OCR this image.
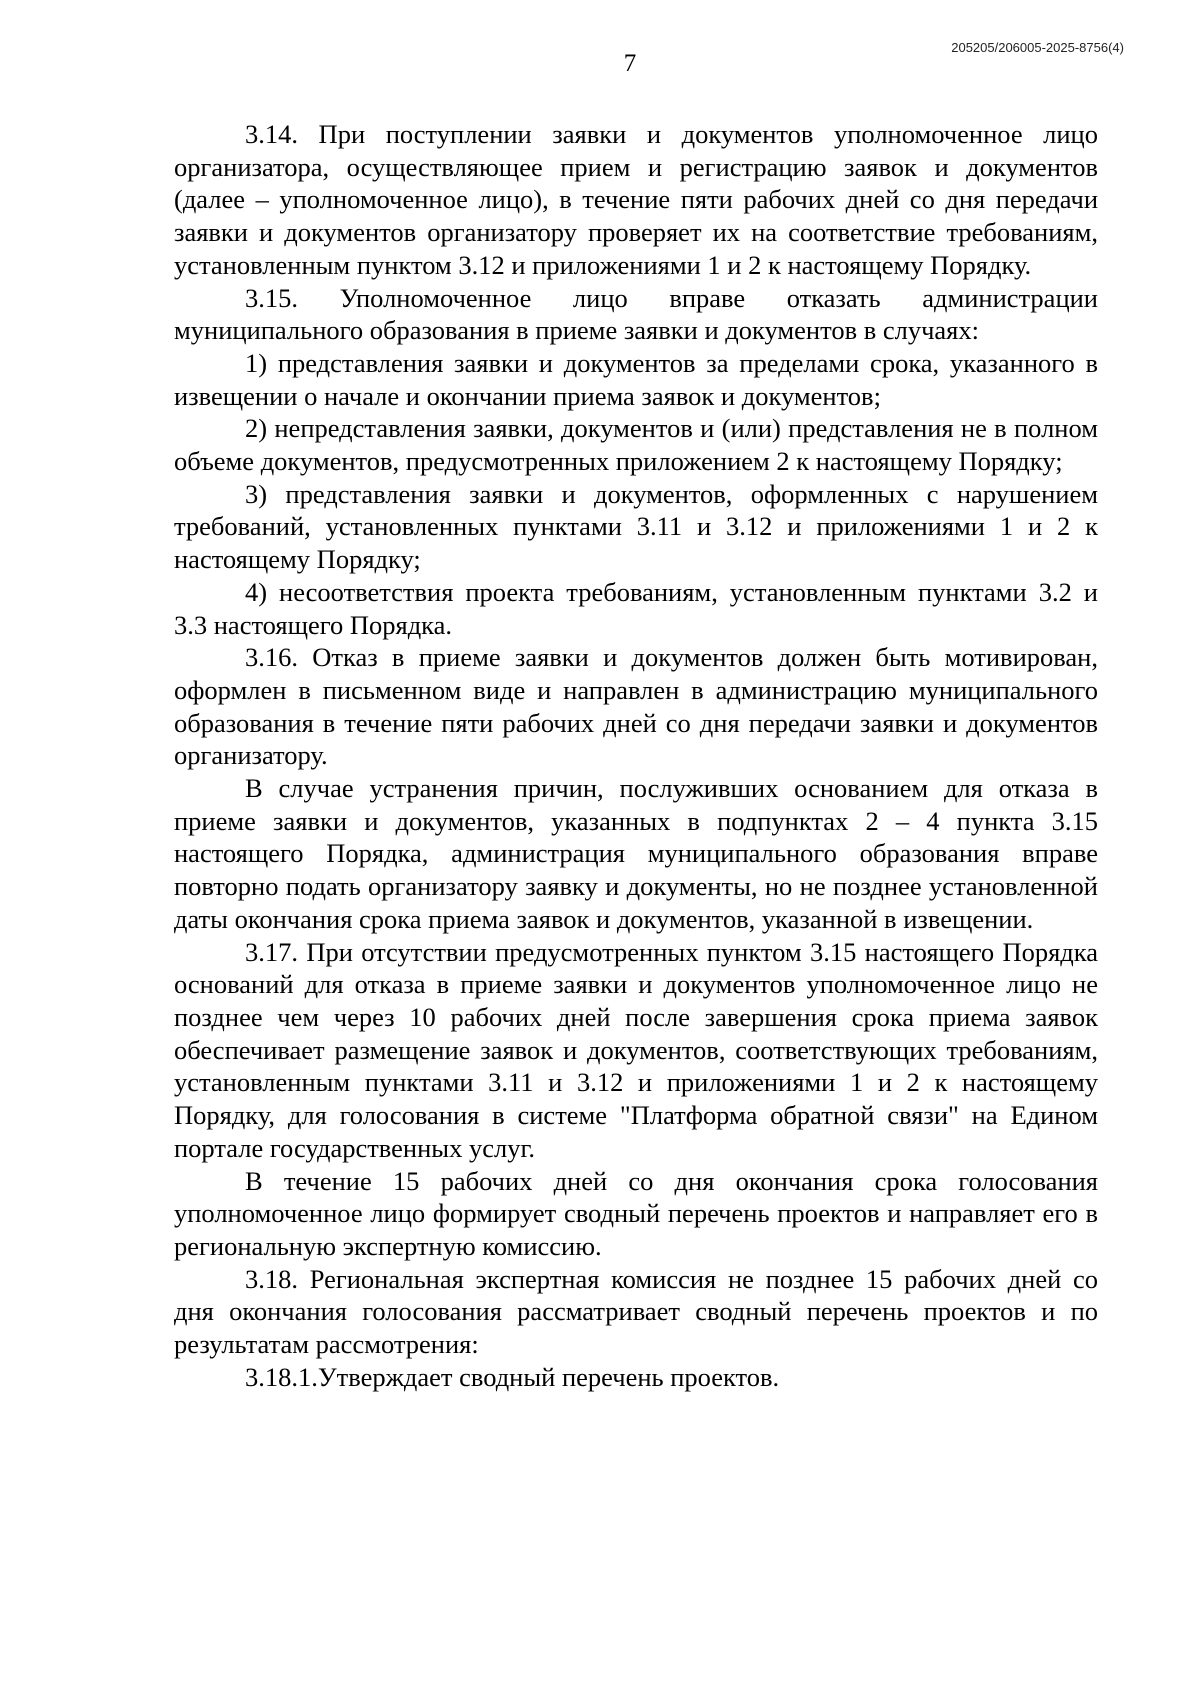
205205/206005-2025-8756(4)
7

3.14. При поступлении заявки и документов уполномоченное лицо организатора, осуществляющее прием и регистрацию заявок и документов (далее – уполномоченное лицо), в течение пяти рабочих дней со дня передачи заявки и документов организатору проверяет их на соответствие требованиям, установленным пунктом 3.12 и приложениями 1 и 2 к настоящему Порядку.

3.15. Уполномоченное лицо вправе отказать администрации муниципального образования в приеме заявки и документов в случаях:

1) представления заявки и документов за пределами срока, указанного в извещении о начале и окончании приема заявок и документов;

2) непредставления заявки, документов и (или) представления не в полном объеме документов, предусмотренных приложением 2 к настоящему Порядку;

3) представления заявки и документов, оформленных с нарушением требований, установленных пунктами 3.11 и 3.12 и приложениями 1 и 2 к настоящему Порядку;

4) несоответствия проекта требованиям, установленным пунктами 3.2 и 3.3 настоящего Порядка.

3.16. Отказ в приеме заявки и документов должен быть мотивирован, оформлен в письменном виде и направлен в администрацию муниципального образования в течение пяти рабочих дней со дня передачи заявки и документов организатору.

В случае устранения причин, послуживших основанием для отказа в приеме заявки и документов, указанных в подпунктах 2 – 4 пункта 3.15 настоящего Порядка, администрация муниципального образования вправе повторно подать организатору заявку и документы, но не позднее установленной даты окончания срока приема заявок и документов, указанной в извещении.

3.17. При отсутствии предусмотренных пунктом 3.15 настоящего Порядка оснований для отказа в приеме заявки и документов уполномоченное лицо не позднее чем через 10 рабочих дней после завершения срока приема заявок обеспечивает размещение заявок и документов, соответствующих требованиям, установленным пунктами 3.11 и 3.12 и приложениями 1 и 2 к настоящему Порядку, для голосования в системе "Платформа обратной связи" на Едином портале государственных услуг.

В течение 15 рабочих дней со дня окончания срока голосования уполномоченное лицо формирует сводный перечень проектов и направляет его в региональную экспертную комиссию.

3.18. Региональная экспертная комиссия не позднее 15 рабочих дней со дня окончания голосования рассматривает сводный перечень проектов и по результатам рассмотрения:

3.18.1.Утверждает сводный перечень проектов.
